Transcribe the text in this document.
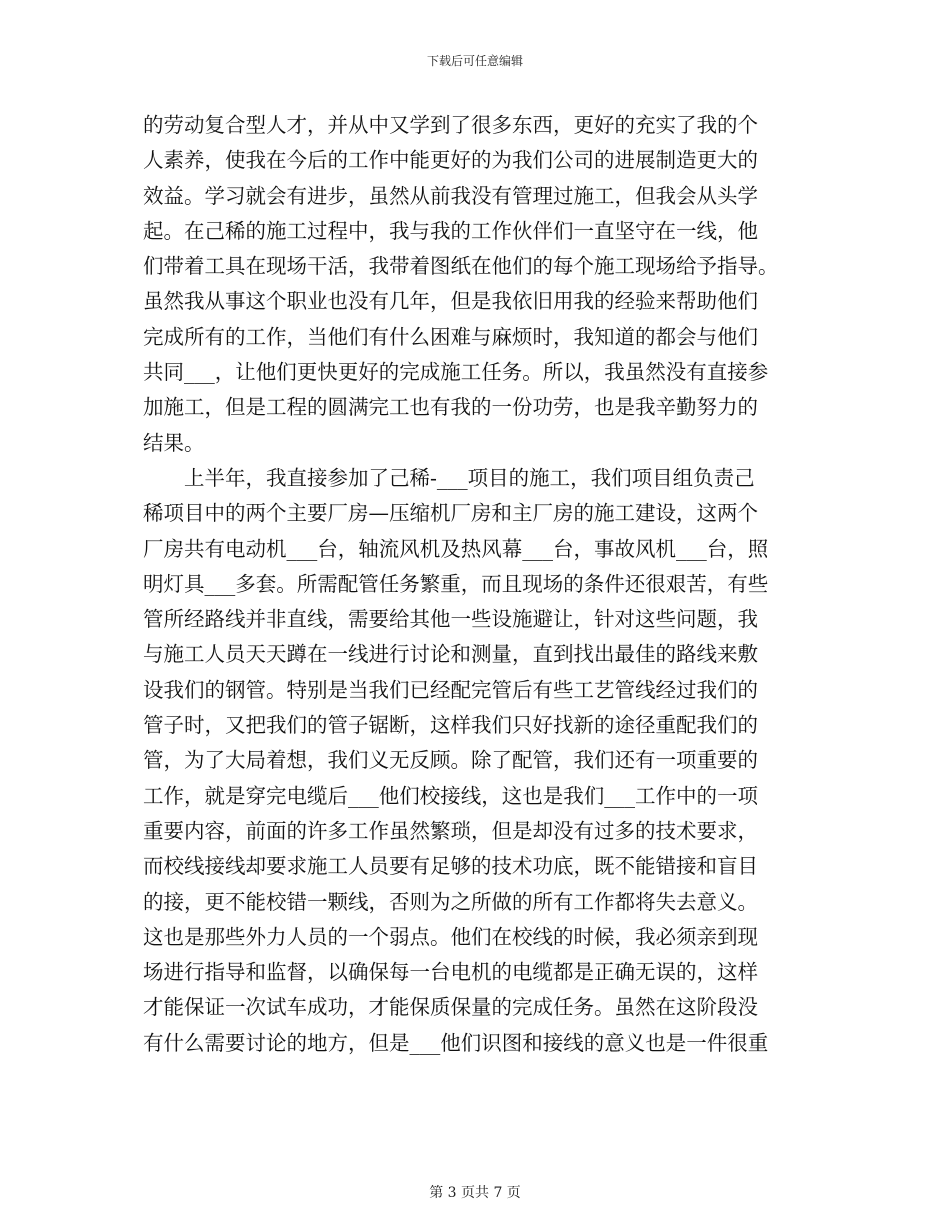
下载后可任意编辑
的劳动复合型人才，并从中又学到了很多东西，更好的充实了我的个
人素养，使我在今后的工作中能更好的为我们公司的进展制造更大的
效益。学习就会有进步，虽然从前我没有管理过施工，但我会从头学
起。在己稀的施工过程中，我与我的工作伙伴们一直坚守在一线，他
们带着工具在现场干活，我带着图纸在他们的每个施工现场给予指导。
虽然我从事这个职业也没有几年，但是我依旧用我的经验来帮助他们
完成所有的工作，当他们有什么困难与麻烦时，我知道的都会与他们
共同___，让他们更快更好的完成施工任务。所以，我虽然没有直接参
加施工，但是工程的圆满完工也有我的一份功劳，也是我辛勤努力的
结果。
　　上半年，我直接参加了己稀-___项目的施工，我们项目组负责己
稀项目中的两个主要厂房—压缩机厂房和主厂房的施工建设，这两个
厂房共有电动机___台，轴流风机及热风幕___台，事故风机___台，照
明灯具___多套。所需配管任务繁重，而且现场的条件还很艰苦，有些
管所经路线并非直线，需要给其他一些设施避让，针对这些问题，我
与施工人员天天蹲在一线进行讨论和测量，直到找出最佳的路线来敷
设我们的钢管。特别是当我们已经配完管后有些工艺管线经过我们的
管子时，又把我们的管子锯断，这样我们只好找新的途径重配我们的
管，为了大局着想，我们义无反顾。除了配管，我们还有一项重要的
工作，就是穿完电缆后___他们校接线，这也是我们___工作中的一项
重要内容，前面的许多工作虽然繁琐，但是却没有过多的技术要求，
而校线接线却要求施工人员要有足够的技术功底，既不能错接和盲目
的接，更不能校错一颗线，否则为之所做的所有工作都将失去意义。
这也是那些外力人员的一个弱点。他们在校线的时候，我必须亲到现
场进行指导和监督，以确保每一台电机的电缆都是正确无误的，这样
才能保证一次试车成功，才能保质保量的完成任务。虽然在这阶段没
有什么需要讨论的地方，但是___他们识图和接线的意义也是一件很重
第 3 页共 7 页
